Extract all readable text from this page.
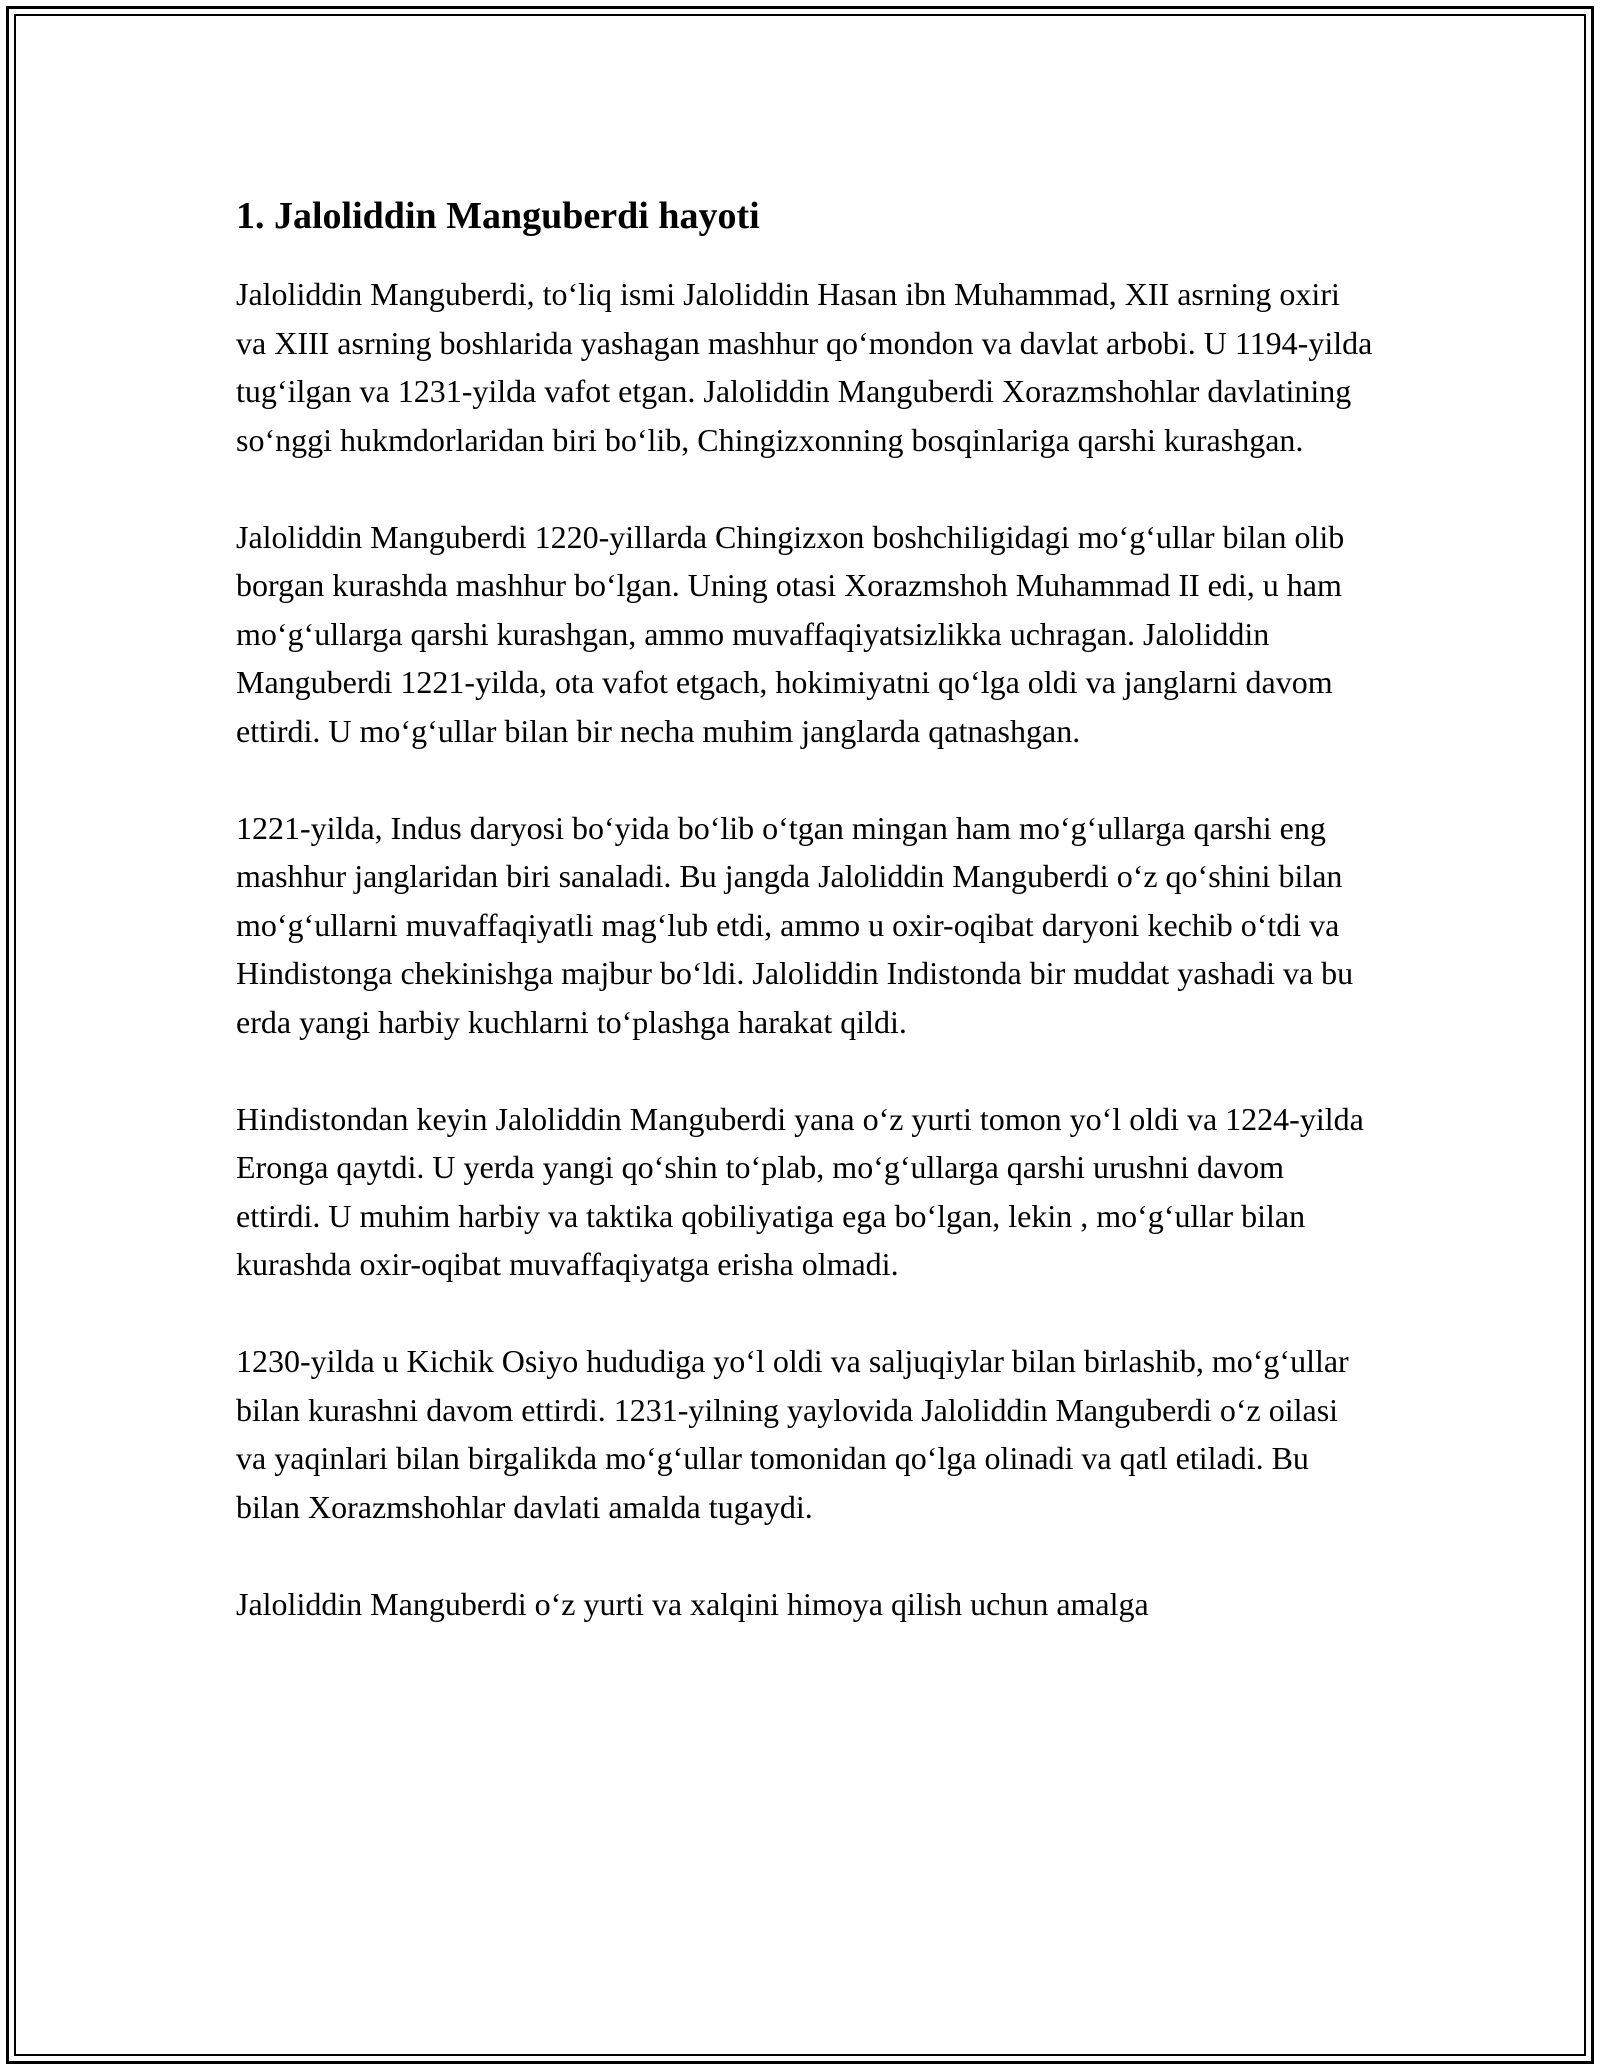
1. Jaloliddin Manguberdi hayoti

Jaloliddin Manguberdi, to‘liq ismi Jaloliddin Hasan ibn Muhammad, XII asrning oxiri va XIII asrning boshlarida yashagan mashhur qo‘mondon va davlat arbobi. U 1194-yilda tug‘ilgan va 1231-yilda vafot etgan. Jaloliddin Manguberdi Xorazmshohlar davlatining so‘nggi hukmdorlaridan biri bo‘lib, Chingizxonning bosqinlariga qarshi kurashgan.

Jaloliddin Manguberdi 1220-yillarda Chingizxon boshchiligidagi mo‘g‘ullar bilan olib borgan kurashda mashhur bo‘lgan. Uning otasi Xorazmshoh Muhammad II edi, u ham mo‘g‘ullarga qarshi kurashgan, ammo muvaffaqiyatsizlikka uchragan. Jaloliddin Manguberdi 1221-yilda, ota vafot etgach, hokimiyatni qo‘lga oldi va janglarni davom ettirdi. U mo‘g‘ullar bilan bir necha muhim janglarda qatnashgan.

1221-yilda, Indus daryosi bo‘yida bo‘lib o‘tgan mingan ham mo‘g‘ullarga qarshi eng mashhur janglaridan biri sanaladi. Bu jangda Jaloliddin Manguberdi o‘z qo‘shini bilan mo‘g‘ullarni muvaffaqiyatli mag‘lub etdi, ammo u oxir-oqibat daryoni kechib o‘tdi va Hindistonga chekinishga majbur bo‘ldi. Jaloliddin Indistonda bir muddat yashadi va bu erda yangi harbiy kuchlarni to‘plashga harakat qildi.

Hindistondan keyin Jaloliddin Manguberdi yana o‘z yurti tomon yo‘l oldi va 1224-yilda Eronga qaytdi. U yerda yangi qo‘shin to‘plab, mo‘g‘ullarga qarshi urushni davom ettirdi. U muhim harbiy va taktika qobiliyatiga ega bo‘lgan, lekin , mo‘g‘ullar bilan kurashda oxir-oqibat muvaffaqiyatga erisha olmadi.

1230-yilda u Kichik Osiyo hududiga yo‘l oldi va saljuqiylar bilan birlashib, mo‘g‘ullar bilan kurashni davom ettirdi. 1231-yilning yaylovida Jaloliddin Manguberdi o‘z oilasi va yaqinlari bilan birgalikda mo‘g‘ullar tomonidan qo‘lga olinadi va qatl etiladi. Bu bilan Xorazmshohlar davlati amalda tugaydi.

Jaloliddin Manguberdi o‘z yurti va xalqini himoya qilish uchun amalga
